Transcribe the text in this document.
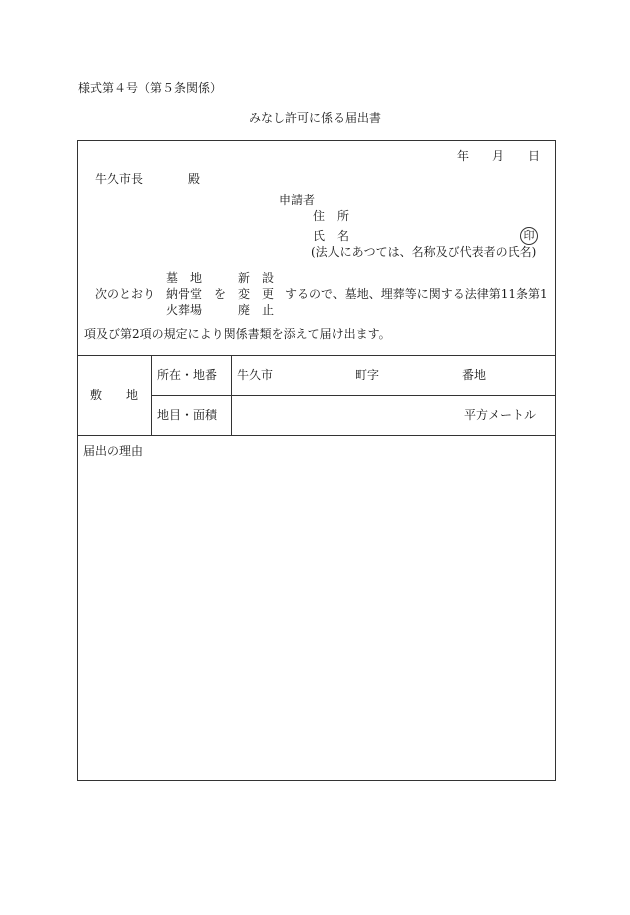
様式第４号（第５条関係）
みなし許可に係る届出書
年 月 日
牛久市長	殿
申請者
住　所
氏　名	印
(法人にあつては、名称及び代表者の氏名)
墓　地
納骨堂
火葬場
新　設
変　更
廃　止
次のとおり	を	するので、墓地、埋葬等に関する法律第11条第1
項及び第2項の規定により関係書類を添えて届け出ます。
敷　　地
所在・地番 牛久市	町字	番地
地目・面積	平方メートル
届出の理由
